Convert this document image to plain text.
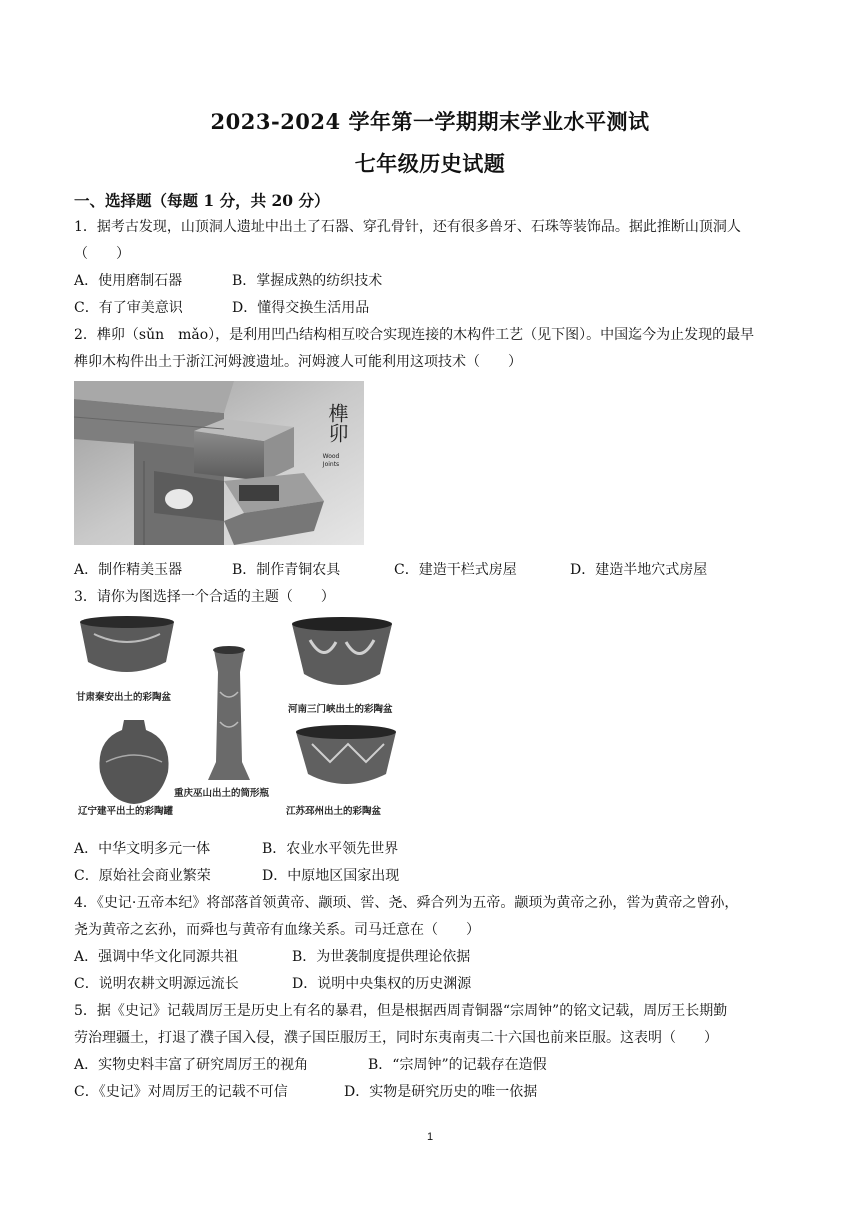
2023-2024 学年第一学期期末学业水平测试
七年级历史试题
一、选择题（每题 1 分，共 20 分）
1．据考古发现，山顶洞人遗址中出土了石器、穿孔骨针，还有很多兽牙、石珠等装饰品。据此推断山顶洞人
（　　）
A．使用磨制石器	B．掌握成熟的纺织技术
C．有了审美意识	D．懂得交换生活用品
2．榫卯（sǔn　mǎo），是利用凹凸结构相互咬合实现连接的木构件工艺（见下图）。中国迄今为止发现的最早
榫卯木构件出土于浙江河姆渡遗址。河姆渡人可能利用这项技术（　　）
榫卯
Wood
Joints
A．制作精美玉器	B．制作青铜农具	C．建造干栏式房屋	D．建造半地穴式房屋
3．请你为图选择一个合适的主题（　　）
甘肃秦安出土的彩陶盆
河南三门峡出土的彩陶盆
重庆巫山出土的筒形瓶
辽宁建平出土的彩陶罐	江苏邳州出土的彩陶盆
A．中华文明多元一体	B．农业水平领先世界
C．原始社会商业繁荣	D．中原地区国家出现
4．《史记·五帝本纪》将部落首领黄帝、颛顼、喾、尧、舜合列为五帝。颛顼为黄帝之孙，喾为黄帝之曾孙，
尧为黄帝之玄孙，而舜也与黄帝有血缘关系。司马迁意在（　　）
A．强调中华文化同源共祖	B．为世袭制度提供理论依据
C．说明农耕文明源远流长	D．说明中央集权的历史渊源
5．据《史记》记载周厉王是历史上有名的暴君，但是根据西周青铜器“宗周钟”的铭文记载，周厉王长期勤
劳治理疆土，打退了濮子国入侵，濮子国臣服厉王，同时东夷南夷二十六国也前来臣服。这表明（　　）
A．实物史料丰富了研究周厉王的视角	B．“宗周钟”的记载存在造假
C．《史记》对周厉王的记载不可信	D．实物是研究历史的唯一依据
1
